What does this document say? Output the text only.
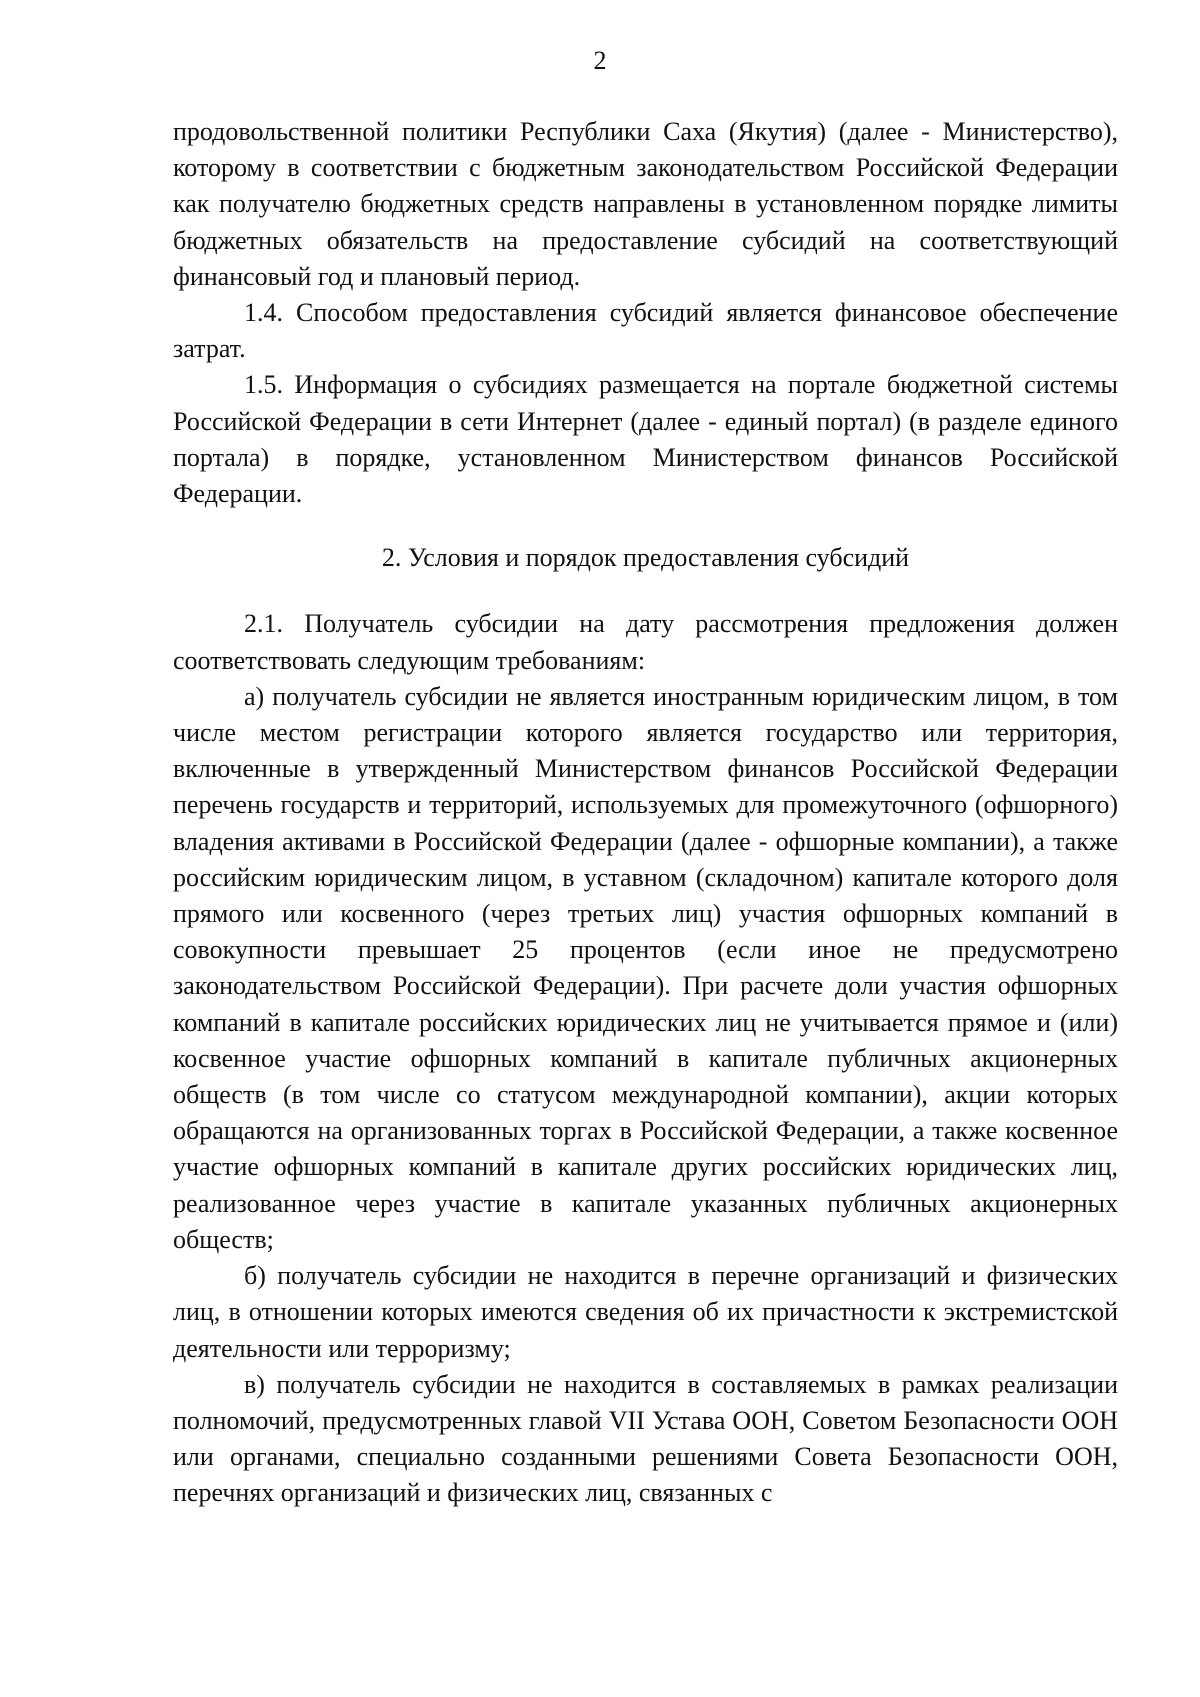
2

продовольственной политики Республики Саха (Якутия) (далее - Министерство), которому в соответствии с бюджетным законодательством Российской Федерации как получателю бюджетных средств направлены в установленном порядке лимиты бюджетных обязательств на предоставление субсидий на соответствующий финансовый год и плановый период.

1.4. Способом предоставления субсидий является финансовое обеспечение затрат.

1.5. Информация о субсидиях размещается на портале бюджетной системы Российской Федерации в сети Интернет (далее - единый портал) (в разделе единого портала) в порядке, установленном Министерством финансов Российской Федерации.

2. Условия и порядок предоставления субсидий

2.1. Получатель субсидии на дату рассмотрения предложения должен соответствовать следующим требованиям:

а) получатель субсидии не является иностранным юридическим лицом, в том числе местом регистрации которого является государство или территория, включенные в утвержденный Министерством финансов Российской Федерации перечень государств и территорий, используемых для промежуточного (офшорного) владения активами в Российской Федерации (далее - офшорные компании), а также российским юридическим лицом, в уставном (складочном) капитале которого доля прямого или косвенного (через третьих лиц) участия офшорных компаний в совокупности превышает 25 процентов (если иное не предусмотрено законодательством Российской Федерации). При расчете доли участия офшорных компаний в капитале российских юридических лиц не учитывается прямое и (или) косвенное участие офшорных компаний в капитале публичных акционерных обществ (в том числе со статусом международной компании), акции которых обращаются на организованных торгах в Российской Федерации, а также косвенное участие офшорных компаний в капитале других российских юридических лиц, реализованное через участие в капитале указанных публичных акционерных обществ;

б) получатель субсидии не находится в перечне организаций и физических лиц, в отношении которых имеются сведения об их причастности к экстремистской деятельности или терроризму;

в) получатель субсидии не находится в составляемых в рамках реализации полномочий, предусмотренных главой VII Устава ООН, Советом Безопасности ООН или органами, специально созданными решениями Совета Безопасности ООН, перечнях организаций и физических лиц, связанных с
